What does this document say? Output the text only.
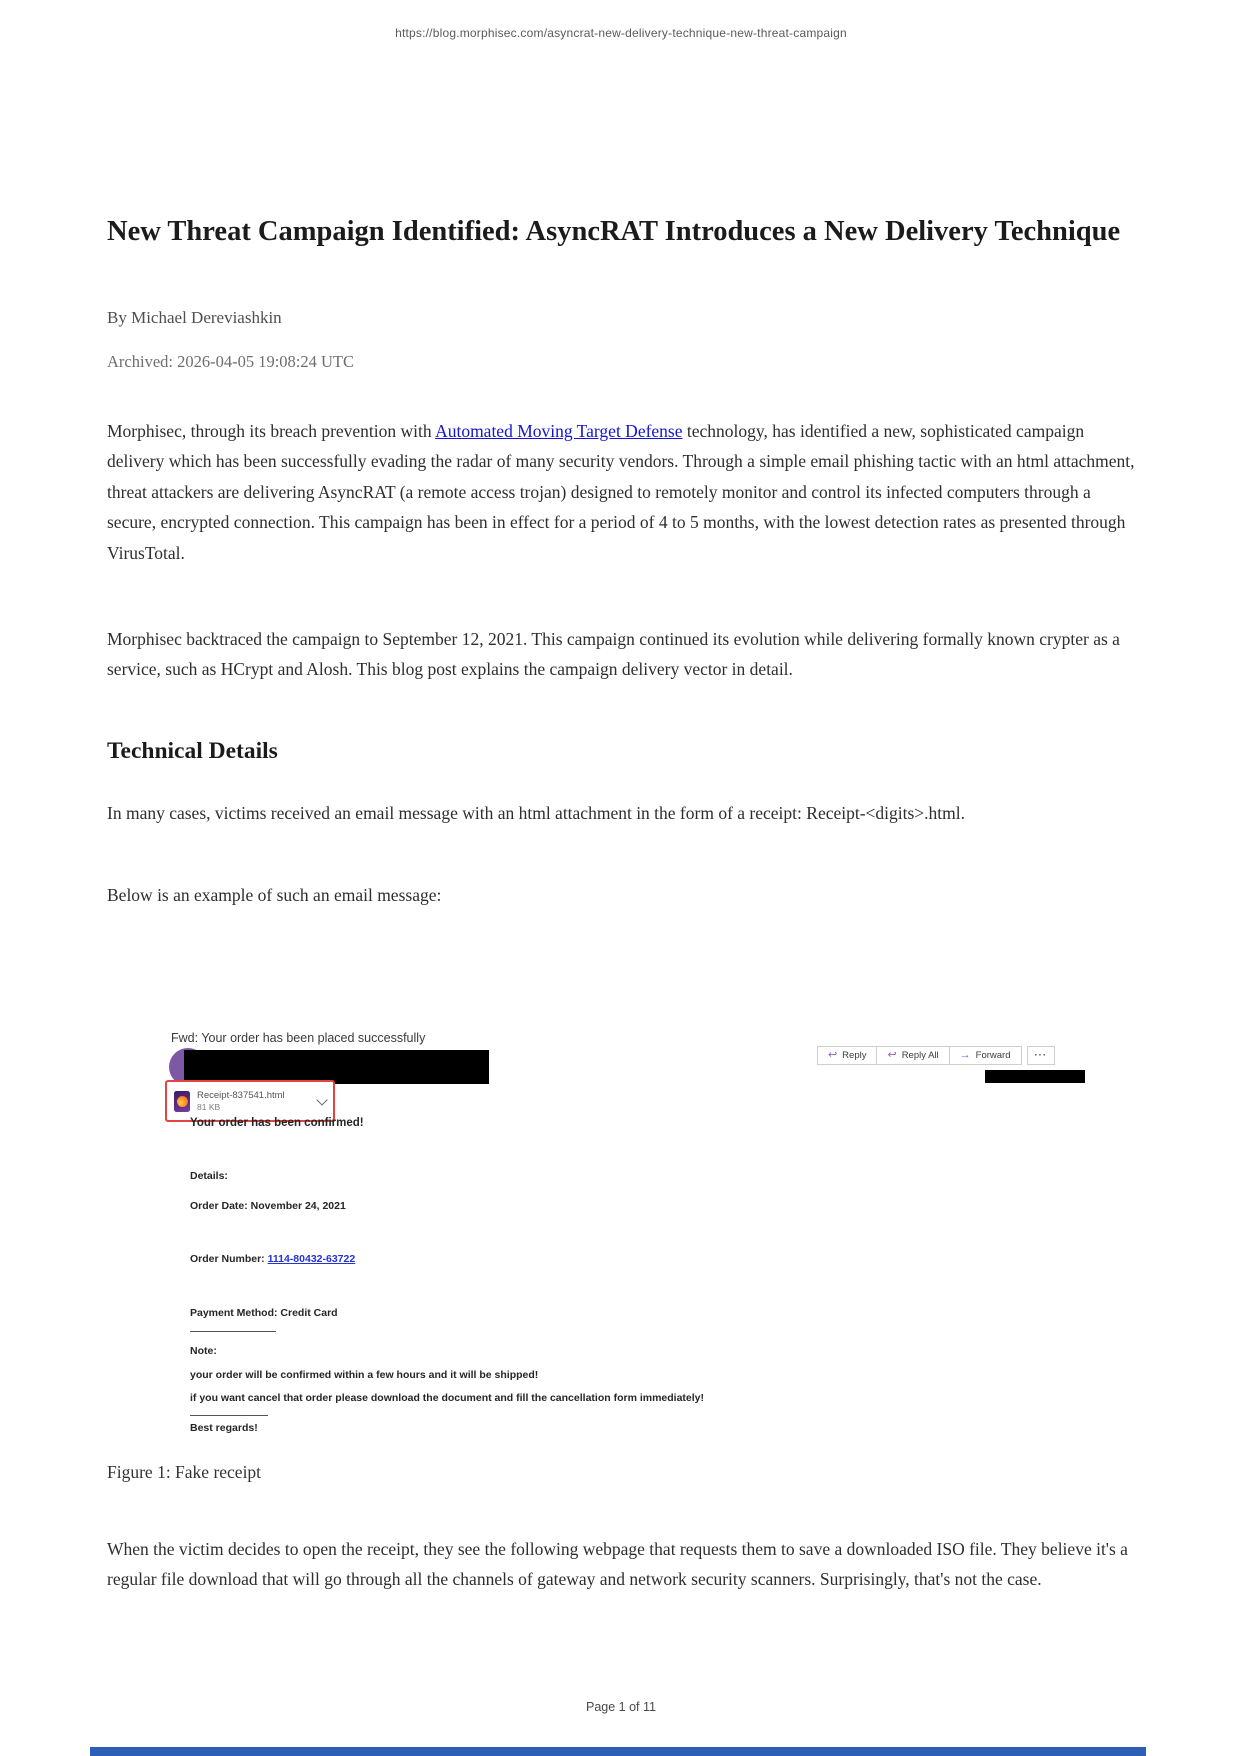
https://blog.morphisec.com/asyncrat-new-delivery-technique-new-threat-campaign
New Threat Campaign Identified: AsyncRAT Introduces a New Delivery Technique
By Michael Dereviashkin
Archived: 2026-04-05 19:08:24 UTC

Morphisec, through its breach prevention with Automated Moving Target Defense technology, has identified a new, sophisticated campaign delivery which has been successfully evading the radar of many security vendors. Through a simple email phishing tactic with an html attachment, threat attackers are delivering AsyncRAT (a remote access trojan) designed to remotely monitor and control its infected computers through a secure, encrypted connection. This campaign has been in effect for a period of 4 to 5 months, with the lowest detection rates as presented through VirusTotal.

Morphisec backtraced the campaign to September 12, 2021. This campaign continued its evolution while delivering formally known crypter as a service, such as HCrypt and Alosh. This blog post explains the campaign delivery vector in detail.

Technical Details

In many cases, victims received an email message with an html attachment in the form of a receipt: Receipt-<digits>.html.

Below is an example of such an email message:

Fwd: Your order has been placed successfully
↩ Reply ↩ Reply All → Forward	···
Receipt-837541.html
81 KB
Your order has been confirmed!
Details:
Order Date: November 24, 2021
Order Number: 1114-80432-63722
Payment Method: Credit Card
Note:
your order will be confirmed within a few hours and it will be shipped!
if you want cancel that order please download the document and fill the cancellation form immediately!
Best regards!
Figure 1: Fake receipt

When the victim decides to open the receipt, they see the following webpage that requests them to save a downloaded ISO file. They believe it's a regular file download that will go through all the channels of gateway and network security scanners. Surprisingly, that's not the case.

Page 1 of 11
